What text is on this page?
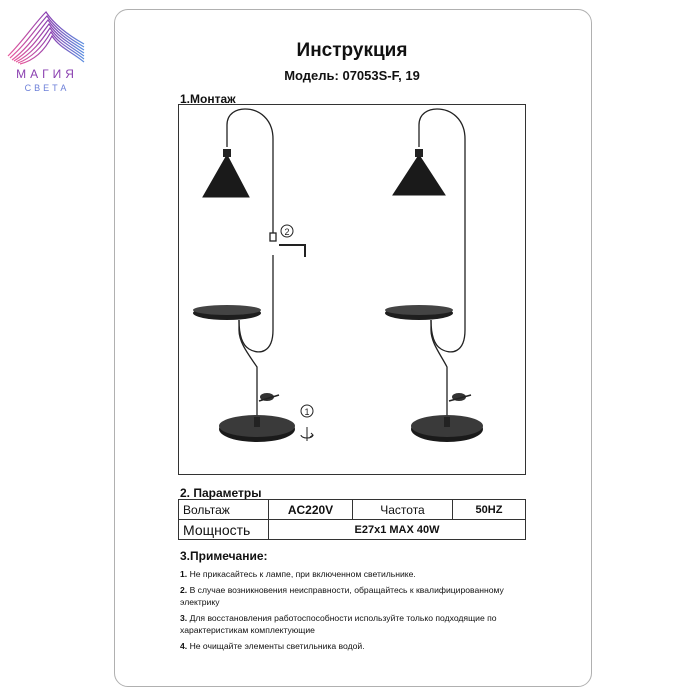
МАГИЯ
СВЕТА
Инструкция
Модель: 07053S-F, 19
1.Монтаж
2
1
2. Параметры
Вольтаж	AC220V	Частота	50HZ
Мощность	E27x1 MAX 40W		
3.Примечание:

1. Не прикасайтесь к лампе, при включенном светильнике.

2. В случае возникновения неисправности, обращайтесь к квалифицированному электрику

3. Для восстановления работоспособности используйте только подходящие по характеристикам комплектующие

4. Не очищайте элементы светильника водой.
